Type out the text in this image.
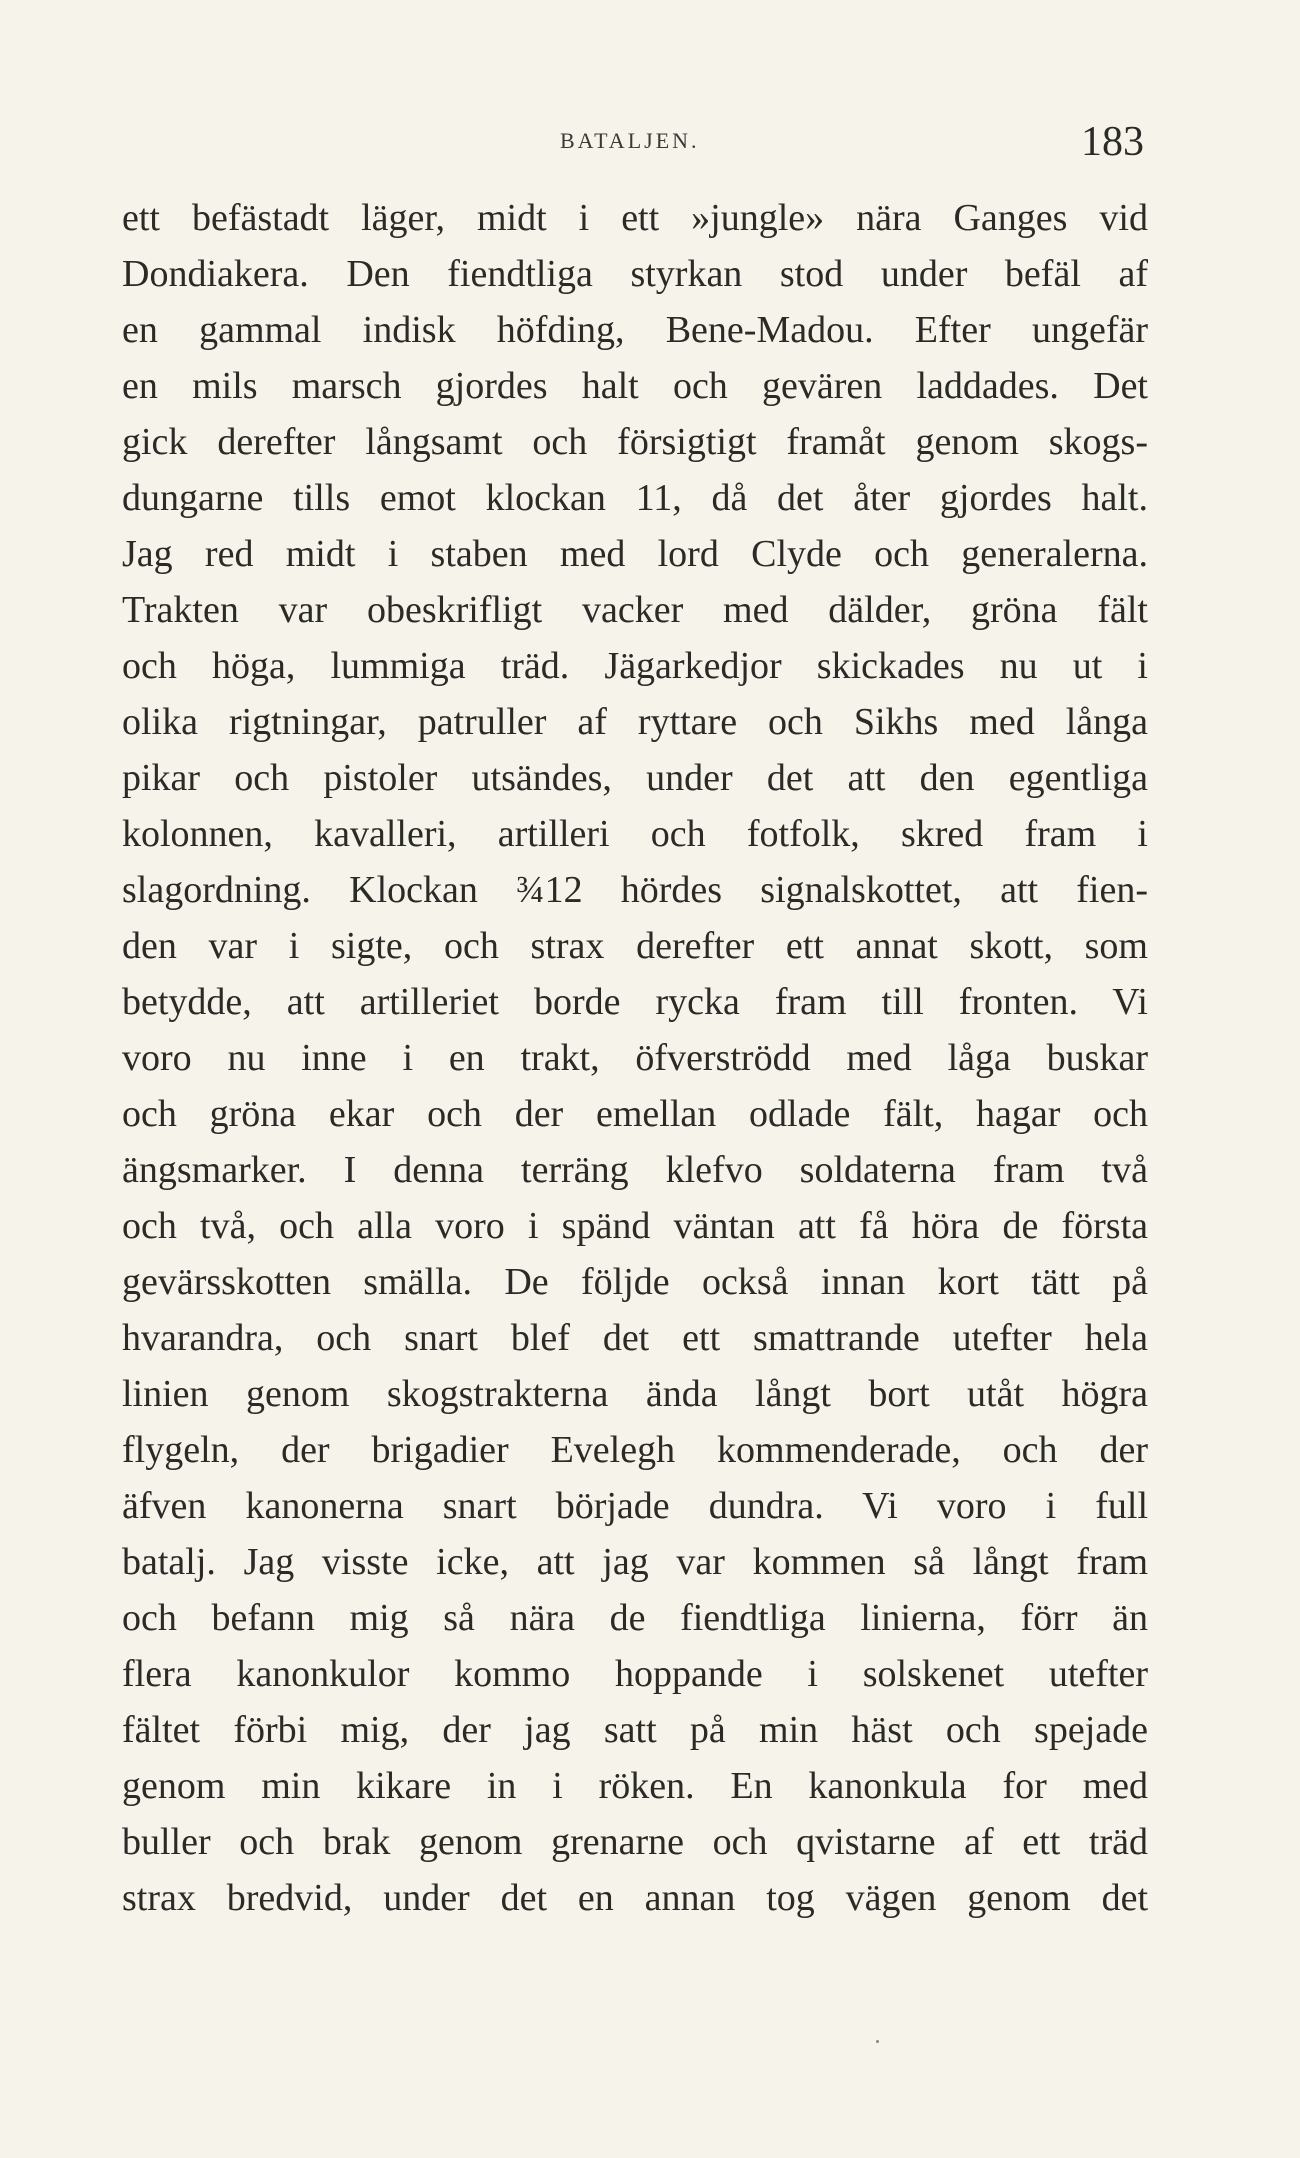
BATALJEN.	183
ett befästadt läger, midt i ett »jungle» nära Ganges vid
Dondiakera. Den fiendtliga styrkan stod under befäl af
en gammal indisk höfding, Bene-Madou. Efter ungefär
en mils marsch gjordes halt och gevären laddades. Det
gick derefter långsamt och försigtigt framåt genom skogs-
dungarne tills emot klockan 11, då det åter gjordes halt.
Jag red midt i staben med lord Clyde och generalerna.
Trakten var obeskrifligt vacker med dälder, gröna fält
och höga, lummiga träd. Jägarkedjor skickades nu ut i
olika rigtningar, patruller af ryttare och Sikhs med långa
pikar och pistoler utsändes, under det att den egentliga
kolonnen, kavalleri, artilleri och fotfolk, skred fram i
slagordning. Klockan ¾12 hördes signalskottet, att fien-
den var i sigte, och strax derefter ett annat skott, som
betydde, att artilleriet borde rycka fram till fronten. Vi
voro nu inne i en trakt, öfverströdd med låga buskar
och gröna ekar och der emellan odlade fält, hagar och
ängsmarker. I denna terräng klefvo soldaterna fram två
och två, och alla voro i spänd väntan att få höra de första
gevärsskotten smälla. De följde också innan kort tätt på
hvarandra, och snart blef det ett smattrande utefter hela
linien genom skogstrakterna ända långt bort utåt högra
flygeln, der brigadier Evelegh kommenderade, och der
äfven kanonerna snart började dundra. Vi voro i full
batalj. Jag visste icke, att jag var kommen så långt fram
och befann mig så nära de fiendtliga linierna, förr än
flera kanonkulor kommo hoppande i solskenet utefter
fältet förbi mig, der jag satt på min häst och spejade
genom min kikare in i röken. En kanonkula for med
buller och brak genom grenarne och qvistarne af ett träd
strax bredvid, under det en annan tog vägen genom det
